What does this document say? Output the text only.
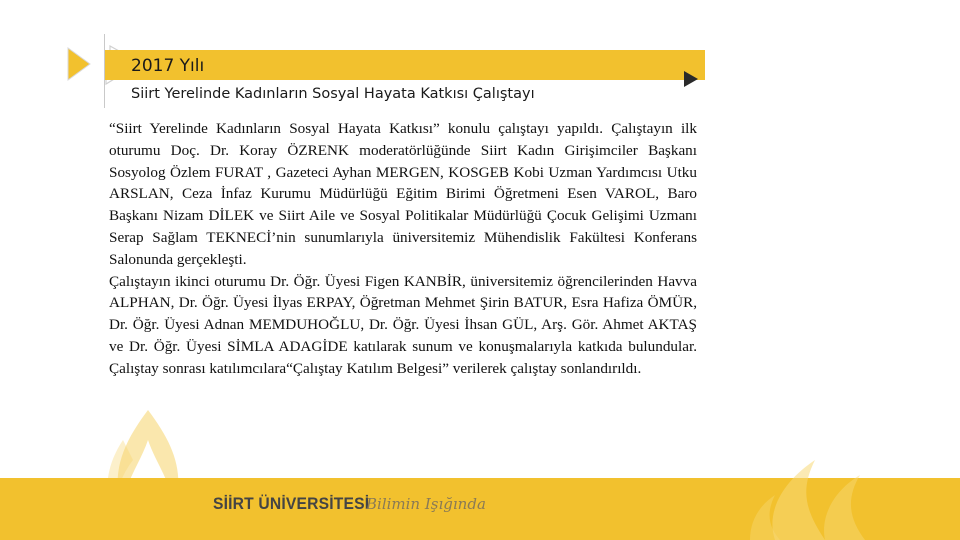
2017 Yılı
Siirt Yerelinde Kadınların Sosyal Hayata Katkısı Çalıştayı

“Siirt Yerelinde Kadınların Sosyal Hayata Katkısı” konulu çalıştayı yapıldı. Çalıştayın ilk oturumu Doç. Dr. Koray ÖZRENK moderatörlüğünde Siirt Kadın Girişimciler Başkanı Sosyolog Özlem FURAT , Gazeteci Ayhan MERGEN, KOSGEB Kobi Uzman Yardımcısı Utku ARSLAN, Ceza İnfaz Kurumu Müdürlüğü Eğitim Birimi Öğretmeni Esen VAROL, Baro Başkanı Nizam DİLEK ve Siirt Aile ve Sosyal Politikalar Müdürlüğü Çocuk Gelişimi Uzmanı Serap Sağlam TEKNECİ’nin sunumlarıyla üniversitemiz Mühendislik Fakültesi Konferans Salonunda gerçekleşti.

Çalıştayın ikinci oturumu Dr. Öğr. Üyesi Figen KANBİR, üniversitemiz öğrencilerinden Havva ALPHAN, Dr. Öğr. Üyesi İlyas ERPAY, Öğretman Mehmet Şirin BATUR, Esra Hafiza ÖMÜR, Dr. Öğr. Üyesi Adnan MEMDUHOĞLU, Dr. Öğr. Üyesi İhsan GÜL, Arş. Gör. Ahmet AKTAŞ ve Dr. Öğr. Üyesi SİMLA ADAGİDE katılarak sunum ve konuşmalarıyla katkıda bulundular. Çalıştay sonrası katılımcılara“Çalıştay Katılım Belgesi” verilerek çalıştay sonlandırıldı.

SİİRT ÜNİVERSİTESİ
Bilimin Işığında
